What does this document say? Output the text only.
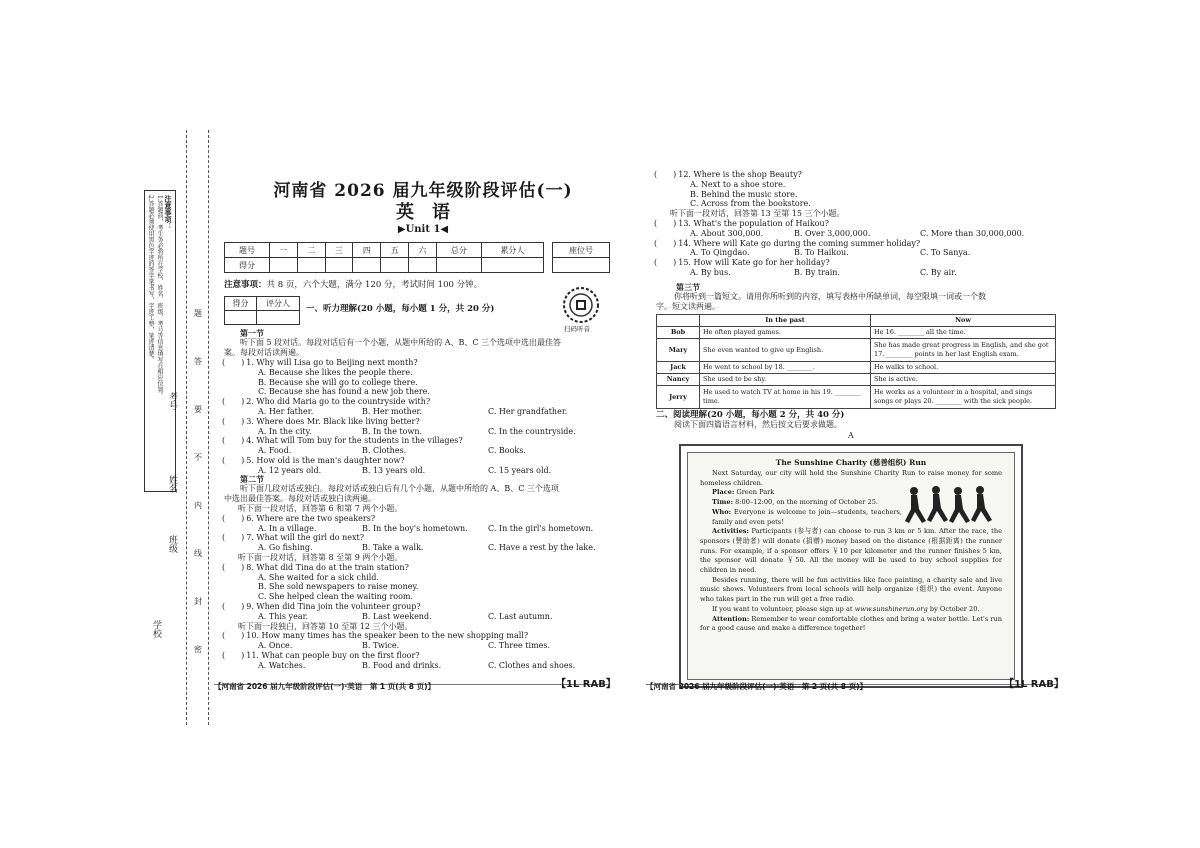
注意事项：
1.答题前，考生务必将所在学校、姓名、班级、考号等信息填写在相应位置。
2.答题必须使用黑色字迹的签字笔书写，字迹工整，笔迹清楚。	题
答
要
不
内
线
封
密
考号
姓名
班级
学校
河南省 2026 届九年级阶段评估(一)
英　语
▶Unit 1◀
题号	一	二	三	四	五	六	总分	累分人
得分								
座位号

注意事项：共 8 页，六个大题，满分 120 分，考试时间 100 分钟。
得分	评分人

一、听力理解(20 小题，每小题 1 分，共 20 分)
扫码听音
第一节
听下面 5 段对话。每段对话后有一个小题，从题中所给的 A、B、C 三个选项中选出最佳答
案。每段对话读两遍。
(　　) 1. Why will Lisa go to Beijing next month?
A. Because she likes the people there.
B. Because she will go to college there.
C. Because she has found a new job there.
(　　) 2. Who did Maria go to the countryside with?
A. Her father.	B. Her mother.	C. Her grandfather.
(　　) 3. Where does Mr. Black like living better?
A. In the city.	B. In the town.	C. In the countryside.
(　　) 4. What will Tom buy for the students in the villages?
A. Food.	B. Clothes.	C. Books.
(　　) 5. How old is the man's daughter now?
A. 12 years old.	B. 13 years old.	C. 15 years old.
第二节
听下面几段对话或独白。每段对话或独白后有几个小题，从题中所给的 A、B、C 三个选项
中选出最佳答案。每段对话或独白读两遍。
听下面一段对话，回答第 6 和第 7 两个小题。
(　　) 6. Where are the two speakers?
A. In a village.	B. In the boy's hometown.	C. In the girl's hometown.
(　　) 7. What will the girl do next?
A. Go fishing.	B. Take a walk.	C. Have a rest by the lake.
听下面一段对话，回答第 8 至第 9 两个小题。
(　　) 8. What did Tina do at the train station?
A. She waited for a sick child.
B. She sold newspapers to raise money.
C. She helped clean the waiting room.
(　　) 9. When did Tina join the volunteer group?
A. This year.	B. Last weekend.	C. Last autumn.
听下面一段独白，回答第 10 至第 12 三个小题。
(　　) 10. How many times has the speaker been to the new shopping mall?
A. Once.	B. Twice.	C. Three times.
(　　) 11. What can people buy on the first floor?
A. Watches.	B. Food and drinks.	C. Clothes and shoes.
【河南省 2026 届九年级阶段评估(一)·英语　第 1 页(共 8 页)】	【1L RAB】
(　　) 12. Where is the shop Beauty?
A. Next to a shoe store.
B. Behind the music store.
C. Across from the bookstore.
听下面一段对话，回答第 13 至第 15 三个小题。
(　　) 13. What's the population of Haikou?
A. About 300,000.	B. Over 3,000,000.	C. More than 30,000,000.
(　　) 14. Where will Kate go during the coming summer holiday?
A. To Qingdao.	B. To Haikou.	C. To Sanya.
(　　) 15. How will Kate go for her holiday?
A. By bus.	B. By train.	C. By air.
第三节
你将听到一篇短文。请用你所听到的内容，填写表格中所缺单词，每空限填一词或一个数
字。短文读两遍。
	In the past	Now
Bob	He often played games.	He 16. ________ all the time.
Mary	She even wanted to give up English.	She has made great progress in English, and she got 17. ________ points in her last English exam.
Jack	He went to school by 18. ________.	He walks to school.
Nancy	She used to be shy.	She is active.
Jerry	He used to watch TV at home in his 19. ________ time.	He works as a volunteer in a hospital, and sings songs or plays 20. ________ with the sick people.
二、阅读理解(20 小题，每小题 2 分，共 40 分)
阅读下面四篇语言材料，然后按文后要求做题。
A
The Sunshine Charity (慈善组织) Run

Next Saturday, our city will hold the Sunshine Charity Run to raise money for some homeless children.

Place: Green Park

Time: 8:00–12:00, on the morning of October 25.

Who: Everyone is welcome to join—students, teachers, family and even pets!

Activities: Participants (参与者) can choose to run 3 km or 5 km. After the race, the sponsors (赞助者) will donate (捐赠) money based on the distance (根据距离) the runner runs. For example, if a sponsor offers ￥10 per kilometer and the runner finishes 5 km, the sponsor will donate ￥50. All the money will be used to buy school supplies for children in need.

Besides running, there will be fun activities like face painting, a charity sale and live music shows. Volunteers from local schools will help organize (组织) the event. Anyone who takes part in the run will get a free radio.

If you want to volunteer, please sign up at www.sunshinerun.org by October 20.

Attention: Remember to wear comfortable clothes and bring a water bottle. Let's run for a good cause and make a difference together!

【河南省 2026 届九年级阶段评估(一)·英语　第 2 页(共 8 页)】	【1L RAB】
